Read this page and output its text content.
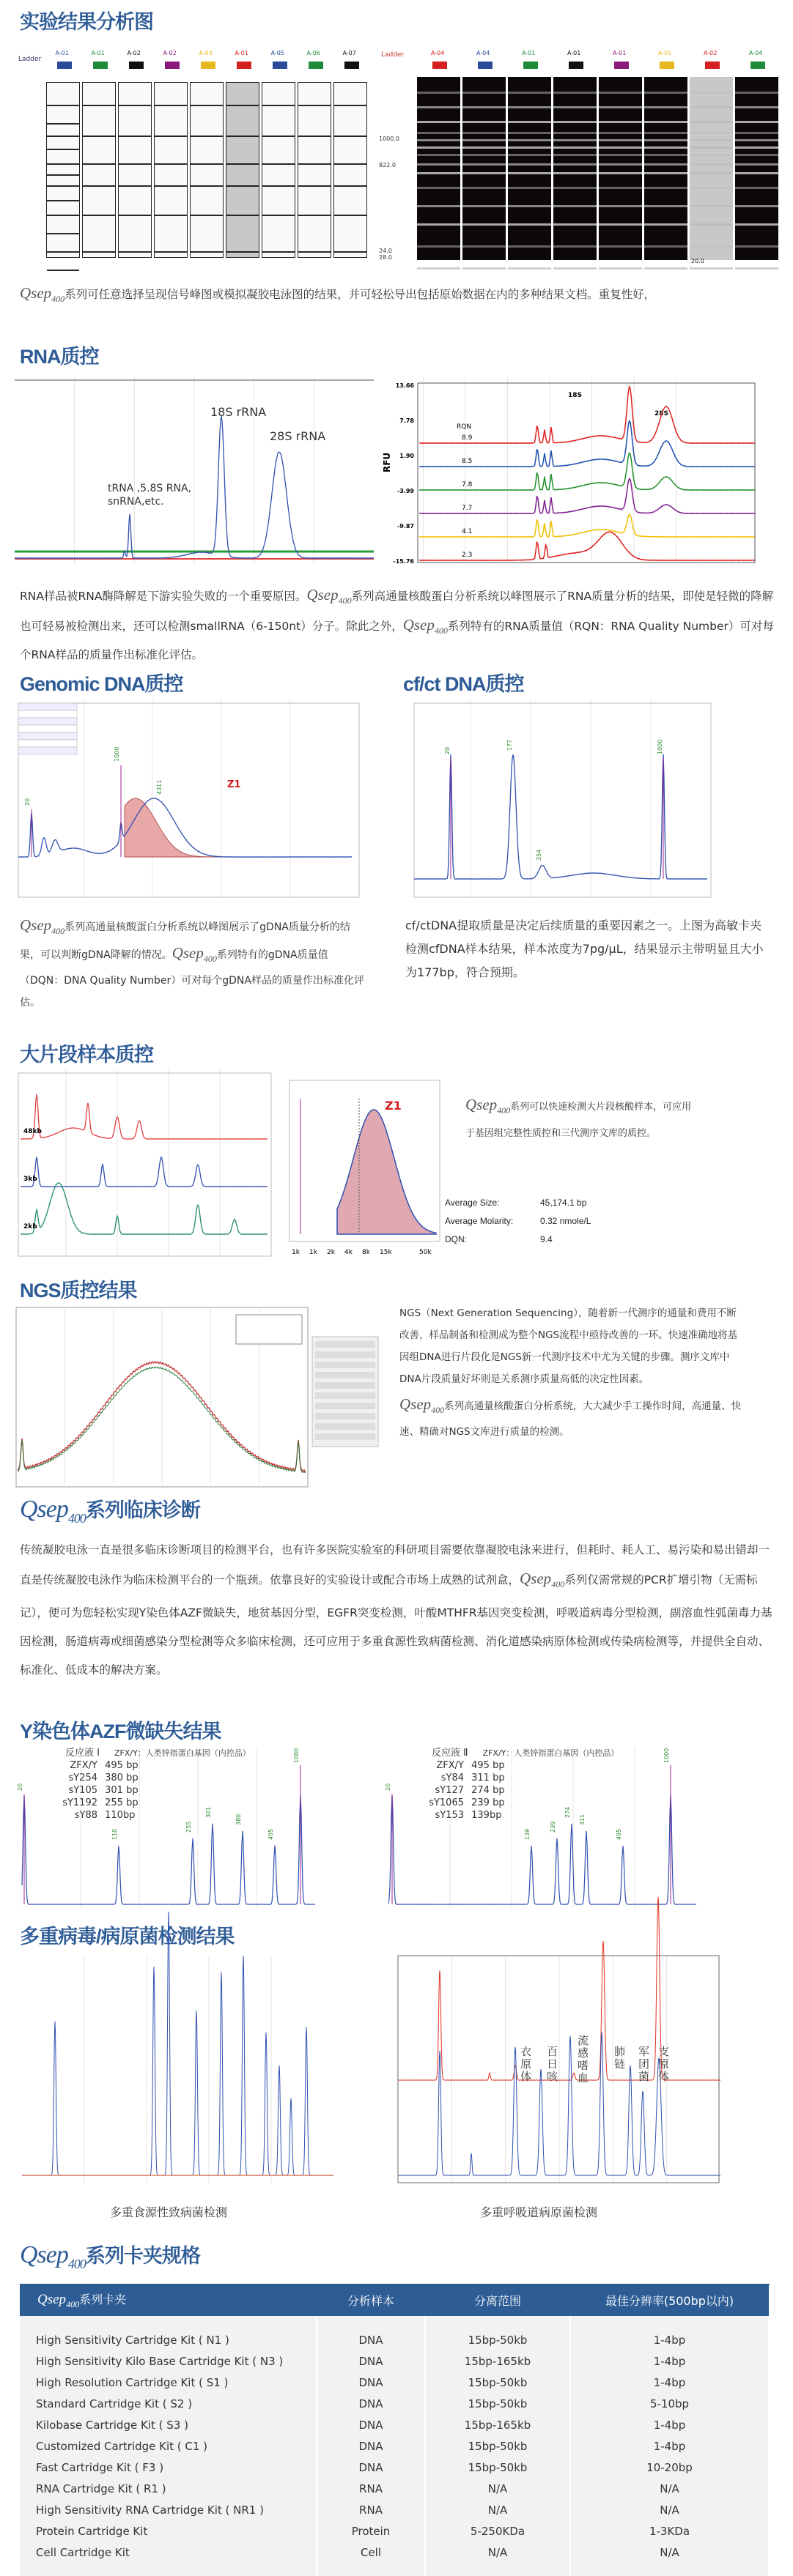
实验结果分析图
Ladder
A-01	A-01	A-02	A-02	A-03	A-01	A-05	A-06	A-07	Ladder	A-04	A-04	A-01	A-01	A-01	A-01	A-02	A-04
1000.0
822.0
24.0
28.0
20.0
Qsep$_{400}$系列可任意选择呈现信号峰图或模拟凝胶电泳图的结果，并可轻松导出包括原始数据在内的多种结果文档。重复性好，
RNA质控
18S rRNA
28S rRNA
tRNA ,5.8S RNA,
snRNA,etc.
13.66
7.78
1.90
-3.99
-9.87
-15.76
RFU
RQN
18S
28S
8.9
8.5
7.8
7.7
4.1
2.3
RNA样品被RNA酶降解是下游实验失败的一个重要原因。Qsep$_{400}$系列高通量核酸蛋白分析系统以峰图展示了RNA质量分析的结果，即使是轻微的降解也可轻易被检测出来，还可以检测smallRNA（6-150nt）分子。除此之外，Qsep$_{400}$系列特有的RNA质量值（RQN：RNA Quality Number）可对每个RNA样品的质量作出标准化评估。
Genomic DNA质控	cf/ct DNA质控
Z1
20
1000
4311
20	177
354
1000
Qsep$_{400}$系列高通量核酸蛋白分析系统以峰图展示了gDNA质量分析的结果，可以判断gDNA降解的情况。Qsep$_{400}$系列特有的gDNA质量值（DQN：DNA Quality Number）可对每个gDNA样品的质量作出标准化评估。
cf/ctDNA提取质量是决定后续质量的重要因素之一。上图为高敏卡夹检测cfDNA样本结果，样本浓度为7pg/μL，结果显示主带明显且大小为177bp，符合预期。
大片段样本质控
48kb
3kb
2kb
Z1
1k 1k 2k 4k 8k 15k	50k
Qsep$_{400}$系列可以快速检测大片段核酸样本，可应用于基因组完整性质控和三代测序文库的质控。
Average Size:	45,174.1 bp
Average Molarity:	0.32 nmole/L
DQN:	9.4
NGS质控结果
NGS（Next Generation Sequencing），随着新一代测序的通量和费用不断改善，样品制备和检测成为整个NGS流程中亟待改善的一环。快速准确地将基因组DNA进行片段化是NGS新一代测序技术中尤为关键的步骤。测序文库中DNA片段质量好坏则是关系测序质量高低的决定性因素。
Qsep$_{400}$系列高通量核酸蛋白分析系统，大大减少手工操作时间，高通量、快速、精确对NGS文库进行质量的检测。
Qsep$_{400}$系列临床诊断
传统凝胶电泳一直是很多临床诊断项目的检测平台，也有许多医院实验室的科研项目需要依靠凝胶电泳来进行，但耗时、耗人工、易污染和易出错却一直是传统凝胶电泳作为临床检测平台的一个瓶颈。依靠良好的实验设计或配合市场上成熟的试剂盒，Qsep$_{400}$系列仅需常规的PCR扩增引物（无需标记），便可为您轻松实现Y染色体AZF微缺失，地贫基因分型，EGFR突变检测，叶酸MTHFR基因突变检测，呼吸道病毒分型检测，副溶血性弧菌毒力基因检测，肠道病毒或细菌感染分型检测等众多临床检测，还可应用于多重食源性致病菌检测、消化道感染病原体检测或传染病检测等，并提供全自动、标准化、低成本的解决方案。
Y染色体AZF微缺失结果
20
110
255
301
380
495
1000
反应液 Ⅰ ZFX/Y：人类锌指蛋白基因（内控品）
ZFX/Y 495 bp
sY254 380 bp
sY105 301 bp
sY1192 255 bp
sY88 110bp
20
139
239
274
311
495
1000
反应液 Ⅱ ZFX/Y：人类锌指蛋白基因（内控品）
ZFX/Y 495 bp
sY84 311 bp
sY127 274 bp
sY1065 239 bp
sY153 139bp
多重病毒/病原菌检测结果
衣原体
百日咳
流感嗜血
肺链
军团菌
支原体
多重食源性致病菌检测	多重呼吸道病原菌检测
Qsep$_{400}$系列卡夹规格
Qsep$_{400}$系列卡夹	分析样本	分离范围	最佳分辨率(500bp以内)
High Sensitivity Cartridge Kit ( N1 )	DNA	15bp-50kb	1-4bp
High Sensitivity Kilo Base Cartridge Kit ( N3 )	DNA	15bp-165kb	1-4bp
High Resolution Cartridge Kit ( S1 )	DNA	15bp-50kb	1-4bp
Standard Cartridge Kit ( S2 )	DNA	15bp-50kb	5-10bp
Kilobase Cartridge Kit ( S3 )	DNA	15bp-165kb	1-4bp
Customized Cartridge Kit ( C1 )	DNA	15bp-50kb	1-4bp
Fast Cartridge Kit ( F3 )	DNA	15bp-50kb	10-20bp
RNA Cartridge Kit ( R1 )	RNA	N/A	N/A
High Sensitivity RNA Cartridge Kit ( NR1 )	RNA	N/A	N/A
Protein Cartridge Kit	Protein	5-250KDa	1-3KDa
Cell Cartridge Kit	Cell	N/A	N/A
